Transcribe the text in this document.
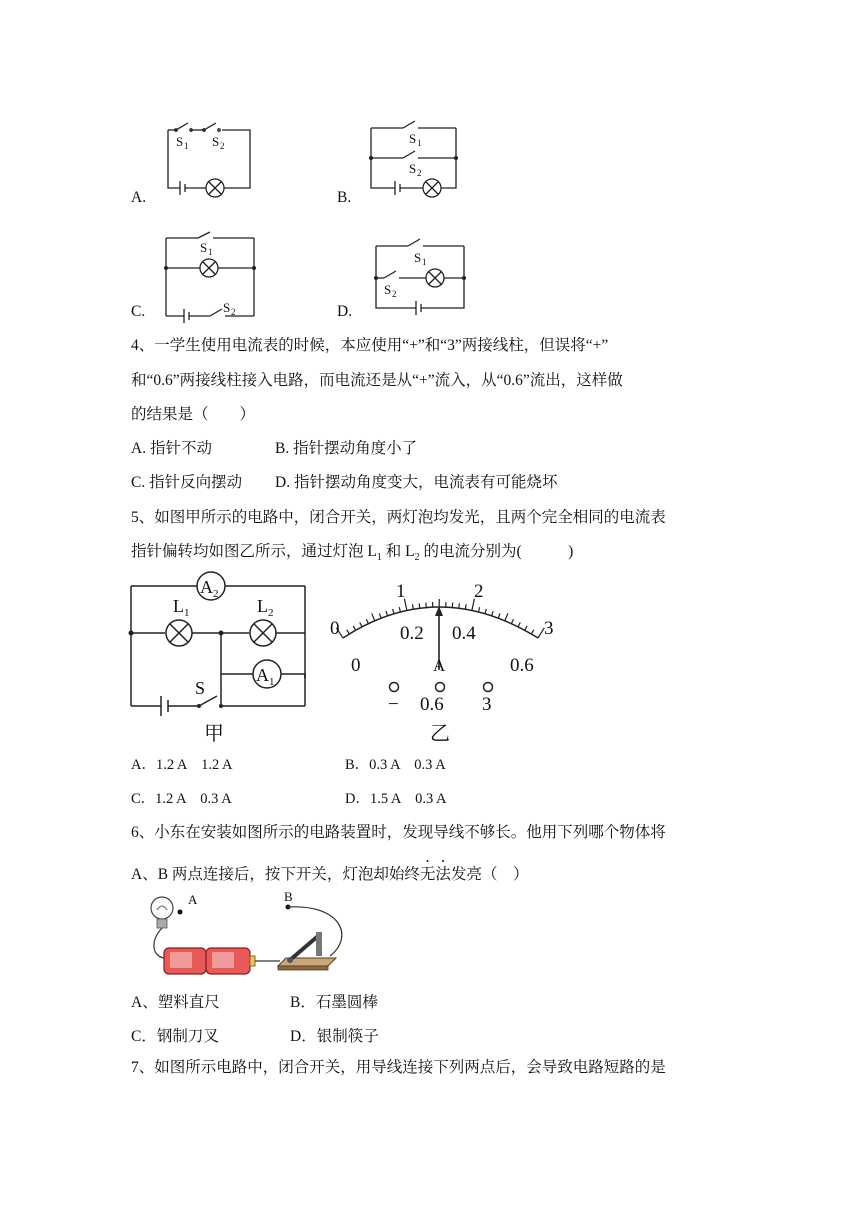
A.	B.
C.	D.
S 1 S 2	S 1
S 2
S 1
S 2
S 1
S 2
4、一学生使用电流表的时候，本应使用“+”和“3”两接线柱，但误将“+”
和“0.6”两接线柱接入电路，而电流还是从“+”流入，从“0.6”流出，这样做
的结果是（　　）
A. 指针不动	B. 指针摆动角度小了
C. 指针反向摆动 D. 指针摆动角度变大，电流表有可能烧坏
5、如图甲所示的电路中，闭合开关，两灯泡均发光，且两个完全相同的电流表
指针偏转均如图乙所示，通过灯泡 $L_1$ 和 $L_2$ 的电流分别为(　　　)
A 2
A 1
L 1	L 2
S
甲
0
1	2
3
0
0.2 0.4
0.6
A
− 0.6 3
乙
A．1.2 A　1.2 A	B．0.3 A　0.3 A
C．1.2 A　0.3 A	D．1.5 A　0.3 A
6、小东在安装如图所示的电路装置时，发现导线不够长。他用下列哪个物体将
A、B 两点连接后，按下开关，灯泡却始终无法发亮（　）
A	B
A、塑料直尺	B．石墨圆棒
C．钢制刀叉	D．银制筷子
7、如图所示电路中，闭合开关，用导线连接下列两点后，会导致电路短路的是
